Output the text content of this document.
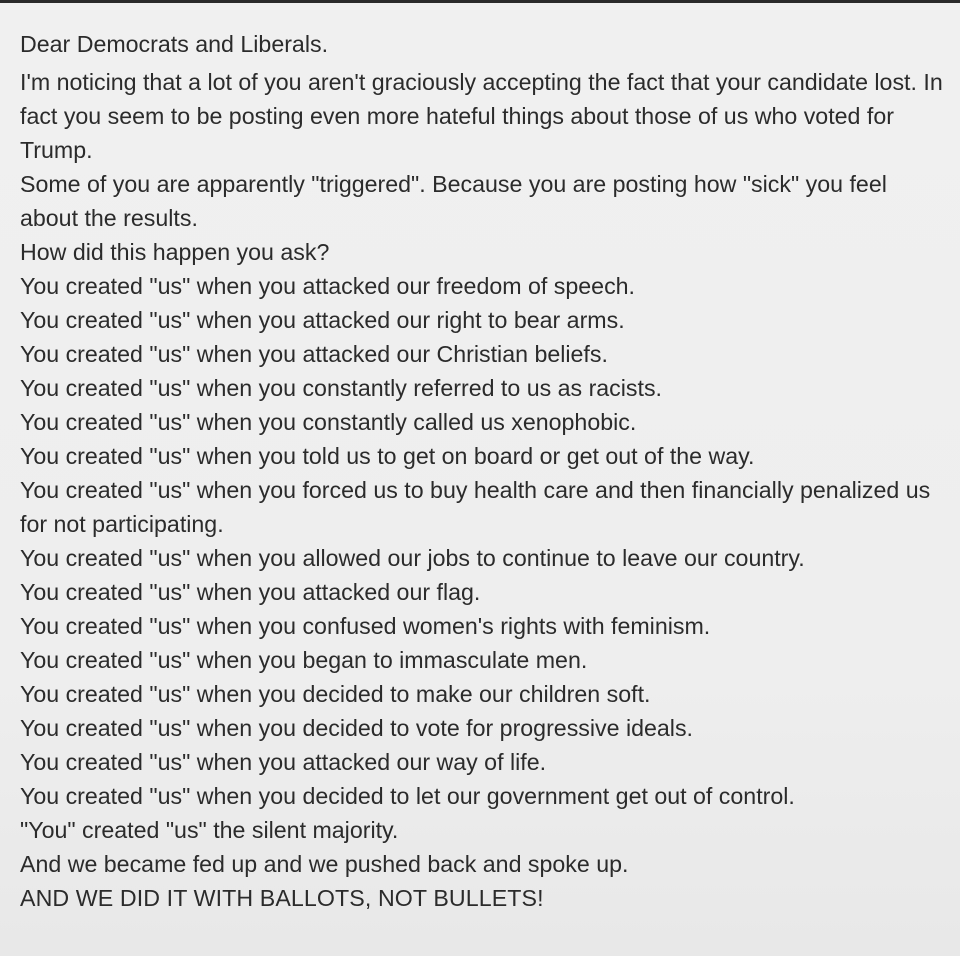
Dear Democrats and Liberals.

I'm noticing that a lot of you aren't graciously accepting the fact that your candidate lost. In fact you seem to be posting even more hateful things about those of us who voted for Trump.

Some of you are apparently "triggered". Because you are posting how "sick" you feel about the results.

How did this happen you ask?

You created "us" when you attacked our freedom of speech.

You created "us" when you attacked our right to bear arms.

You created "us" when you attacked our Christian beliefs.

You created "us" when you constantly referred to us as racists.

You created "us" when you constantly called us xenophobic.

You created "us" when you told us to get on board or get out of the way.

You created "us" when you forced us to buy health care and then financially penalized us for not participating.

You created "us" when you allowed our jobs to continue to leave our country.

You created "us" when you attacked our flag.

You created "us" when you confused women's rights with feminism.

You created "us" when you began to immasculate men.

You created "us" when you decided to make our children soft.

You created "us" when you decided to vote for progressive ideals.

You created "us" when you attacked our way of life.

You created "us" when you decided to let our government get out of control.

"You" created "us" the silent majority.

And we became fed up and we pushed back and spoke up.

AND WE DID IT WITH BALLOTS, NOT BULLETS!
